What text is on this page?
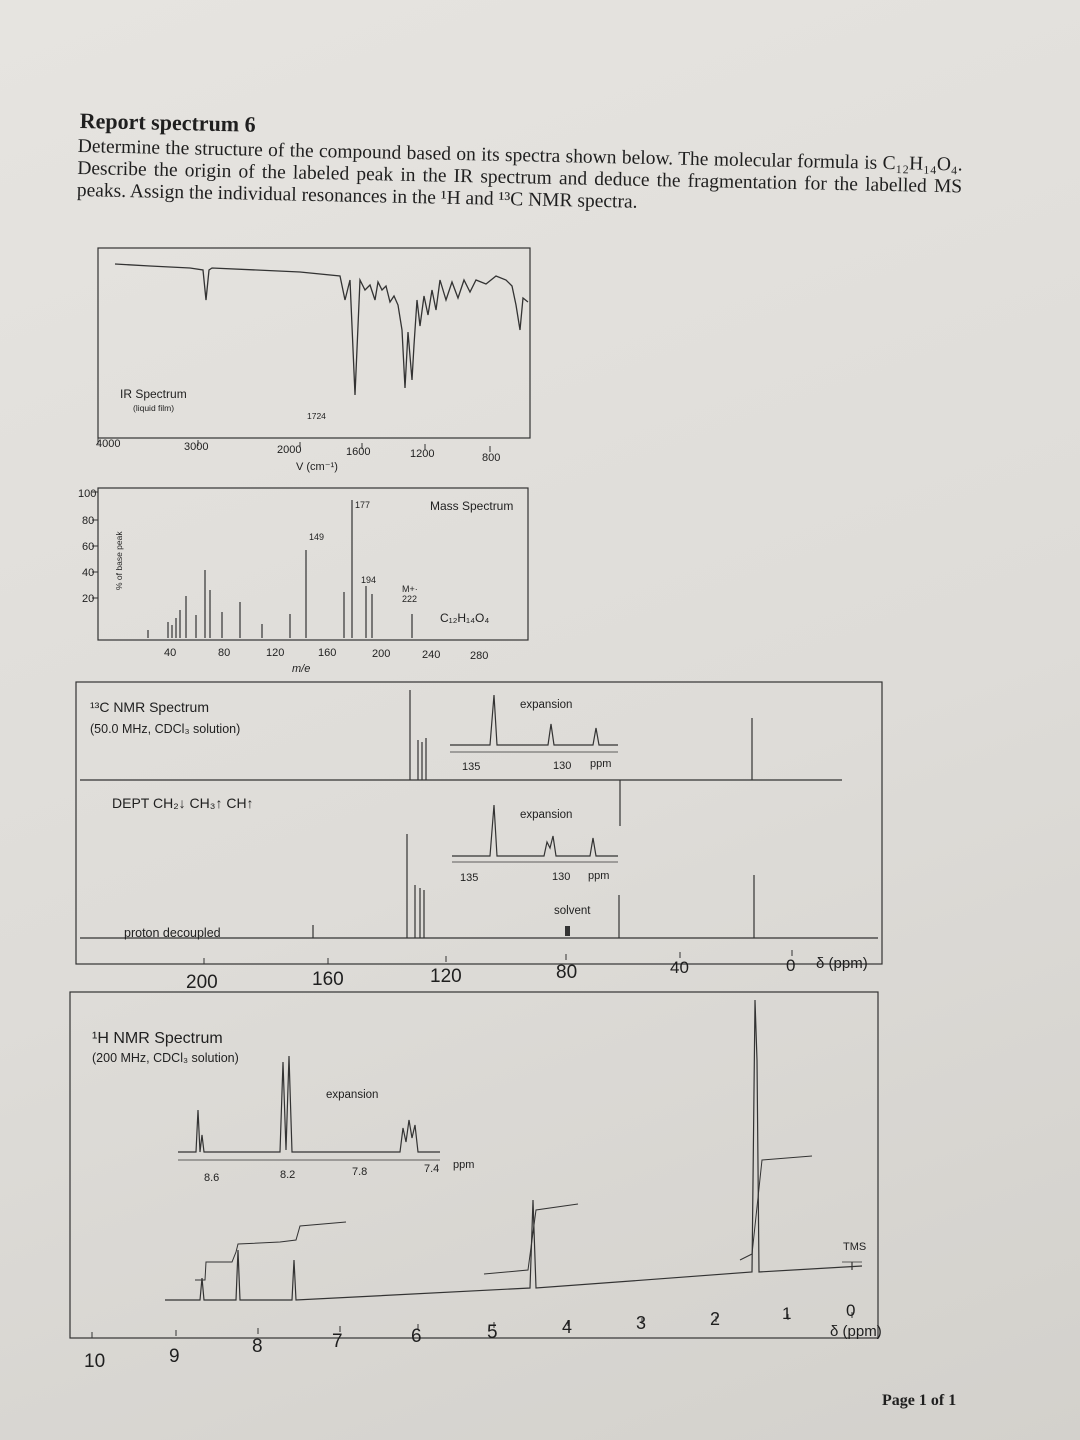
Report spectrum 6
Determine the structure of the compound based on its spectra shown below. The molecular formula is C₁₂H₁₄O₄. Describe the origin of the labeled peak in the IR spectrum and deduce the fragmentation for the labelled MS peaks. Assign the individual resonances in the ¹H and ¹³C NMR spectra.
IR Spectrum
(liquid film)
1724
4000	3000	2000	1600	1200	800
V (cm⁻¹)
Mass Spectrum
% of base peak
100
80
60
40
20
177
149
194
M+·
222
C₁₂H₁₄O₄
40	80	120	160	200	240	280
m/e
¹³C NMR Spectrum
(50.0 MHz, CDCl₃ solution)
expansion
135	130 ppm
DEPT CH₂↓ CH₃↑ CH↑
expansion
135	130 ppm
solvent
proton decoupled
200	160	120	80	40	0 δ (ppm)
¹H NMR Spectrum
(200 MHz, CDCl₃ solution)
expansion
8.6	8.2	7.8	7.4 ppm
TMS
10	9	8	7	6	5	4	3	2	1	0
δ (ppm)
Page 1 of 1
